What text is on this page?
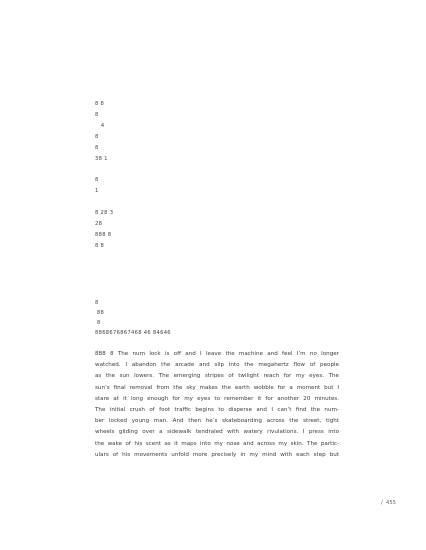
8 8
8
4
8
8
38 1
8
1
8 28 3
28
888 8
8 8
8
88
8
8868676867468 46 84646
888 8 The num lock is off and I leave the machine and feel I’m no longer
watched. I abandon the arcade and slip into the megahertz flow of people
as the sun lowers. The emerging stripes of twilight reach for my eyes. The
sun’s final removal from the sky makes the earth wobble for a moment but I
stare at it long enough for my eyes to remember it for another 20 minutes.
The initial crush of foot traffic begins to disperse and I can’t find the num-
ber locked young man. And then he’s skateboarding across the street, tight
wheels gliding over a sidewalk tendraled with watery rivulations. I press into
the wake of his scent as it maps into my nose and across my skin. The partic-
ulars of his movements unfold more precisely in my mind with each step but
/  455
